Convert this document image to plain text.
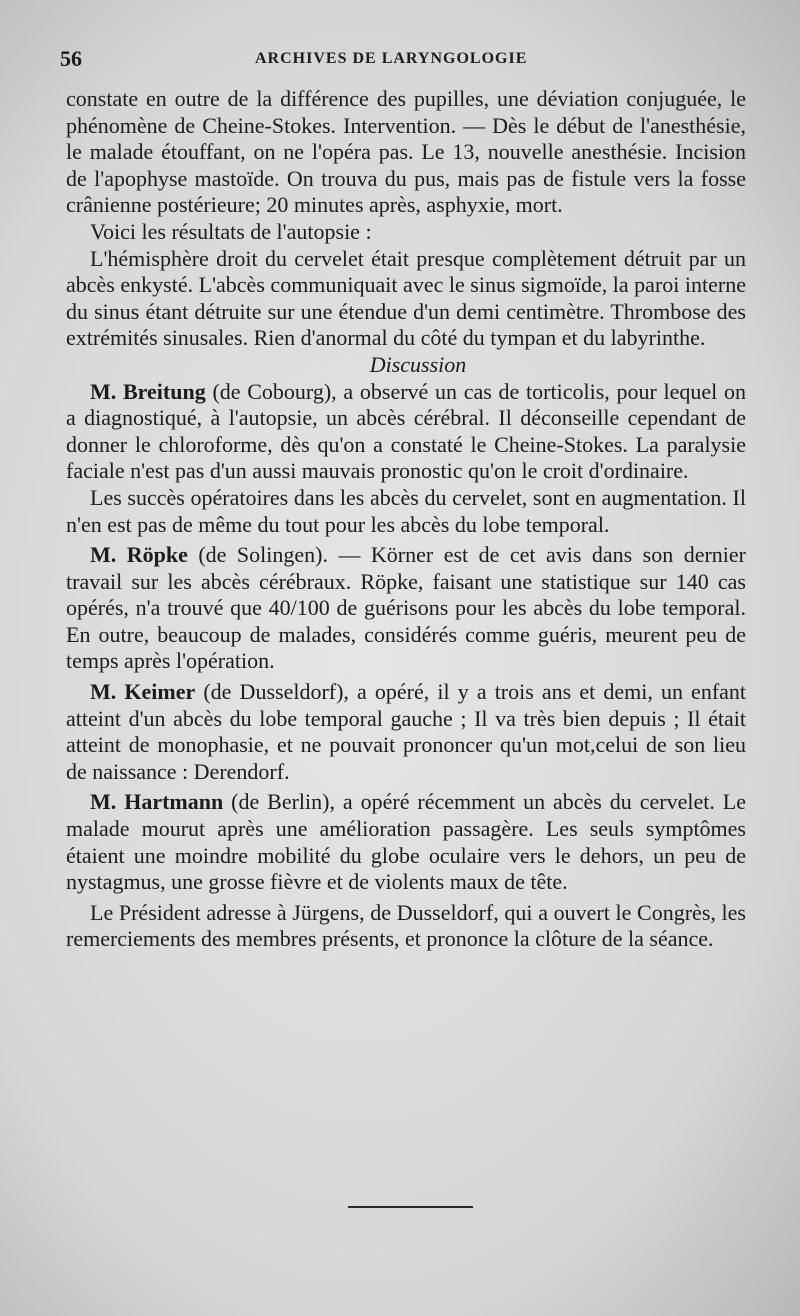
56	ARCHIVES DE LARYNGOLOGIE

constate en outre de la différence des pupilles, une déviation conjuguée, le phénomène de Cheine-Stokes. Intervention. — Dès le début de l'anesthésie, le malade étouffant, on ne l'opéra pas. Le 13, nouvelle anesthésie. Incision de l'apophyse mastoïde. On trouva du pus, mais pas de fistule vers la fosse crânienne postérieure; 20 minutes après, asphyxie, mort.

Voici les résultats de l'autopsie :

L'hémisphère droit du cervelet était presque complètement détruit par un abcès enkysté. L'abcès communiquait avec le sinus sigmoïde, la paroi interne du sinus étant détruite sur une étendue d'un demi centimètre. Thrombose des extrémités sinusales. Rien d'anormal du côté du tympan et du labyrinthe.

Discussion

M. Breitung (de Cobourg), a observé un cas de torticolis, pour lequel on a diagnostiqué, à l'autopsie, un abcès cérébral. Il déconseille cependant de donner le chloroforme, dès qu'on a constaté le Cheine-Stokes. La paralysie faciale n'est pas d'un aussi mauvais pronostic qu'on le croit d'ordinaire.

Les succès opératoires dans les abcès du cervelet, sont en augmentation. Il n'en est pas de même du tout pour les abcès du lobe temporal.

M. Röpke (de Solingen). — Körner est de cet avis dans son dernier travail sur les abcès cérébraux. Röpke, faisant une statistique sur 140 cas opérés, n'a trouvé que 40/100 de guérisons pour les abcès du lobe temporal. En outre, beaucoup de malades, considérés comme guéris, meurent peu de temps après l'opération.

M. Keimer (de Dusseldorf), a opéré, il y a trois ans et demi, un enfant atteint d'un abcès du lobe temporal gauche ; Il va très bien depuis ; Il était atteint de monophasie, et ne pouvait prononcer qu'un mot,celui de son lieu de naissance : Derendorf.

M. Hartmann (de Berlin), a opéré récemment un abcès du cervelet. Le malade mourut après une amélioration passagère. Les seuls symptômes étaient une moindre mobilité du globe oculaire vers le dehors, un peu de nystagmus, une grosse fièvre et de violents maux de tête.

Le Président adresse à Jürgens, de Dusseldorf, qui a ouvert le Congrès, les remerciements des membres présents, et prononce la clôture de la séance.
